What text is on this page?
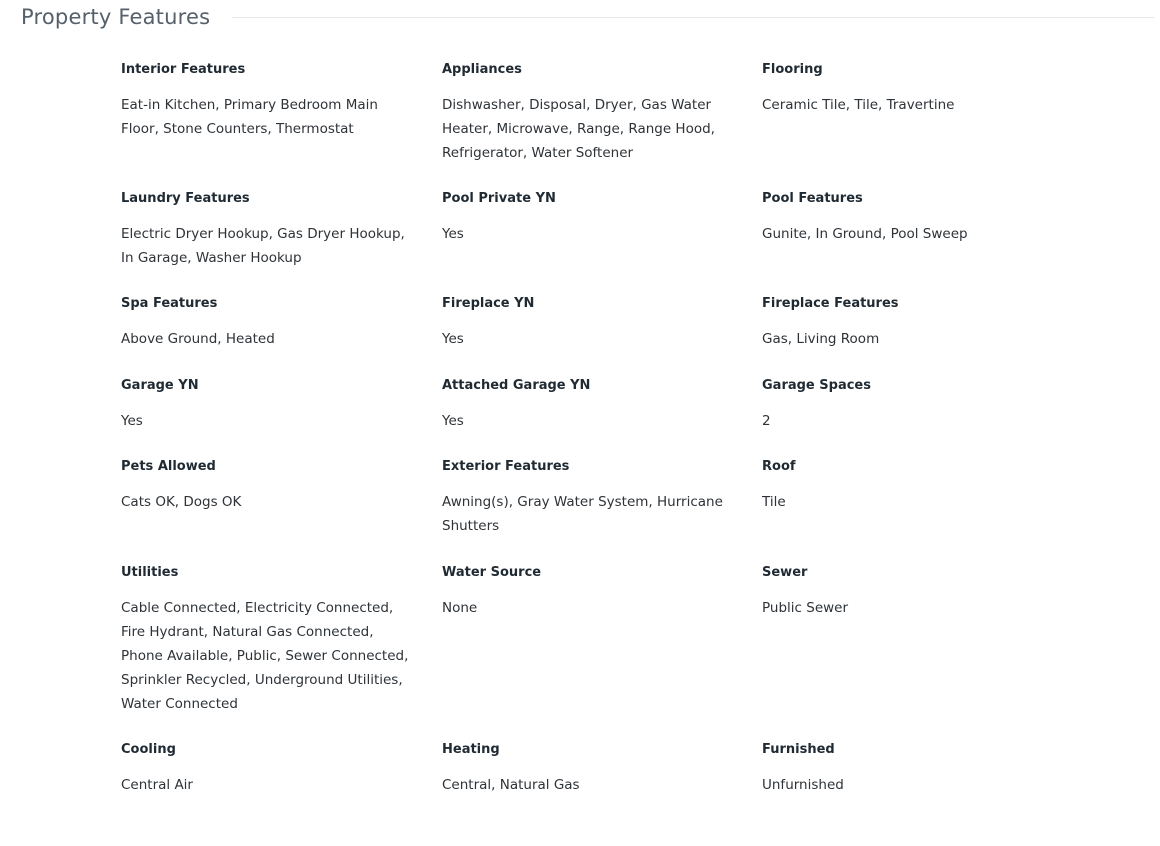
Property Features
Interior Features
Eat-in Kitchen, Primary Bedroom Main Floor, Stone Counters, Thermostat
Appliances
Dishwasher, Disposal, Dryer, Gas Water Heater, Microwave, Range, Range Hood, Refrigerator, Water Softener
Flooring
Ceramic Tile, Tile, Travertine
Laundry Features
Electric Dryer Hookup, Gas Dryer Hookup, In Garage, Washer Hookup
Pool Private YN
Yes
Pool Features
Gunite, In Ground, Pool Sweep
Spa Features
Above Ground, Heated
Fireplace YN
Yes
Fireplace Features
Gas, Living Room
Garage YN
Yes
Attached Garage YN
Yes
Garage Spaces
2
Pets Allowed
Cats OK, Dogs OK
Exterior Features
Awning(s), Gray Water System, Hurricane Shutters
Roof
Tile
Utilities
Cable Connected, Electricity Connected, Fire Hydrant, Natural Gas Connected, Phone Available, Public, Sewer Connected, Sprinkler Recycled, Underground Utilities, Water Connected
Water Source
None
Sewer
Public Sewer
Cooling
Central Air
Heating
Central, Natural Gas
Furnished
Unfurnished
